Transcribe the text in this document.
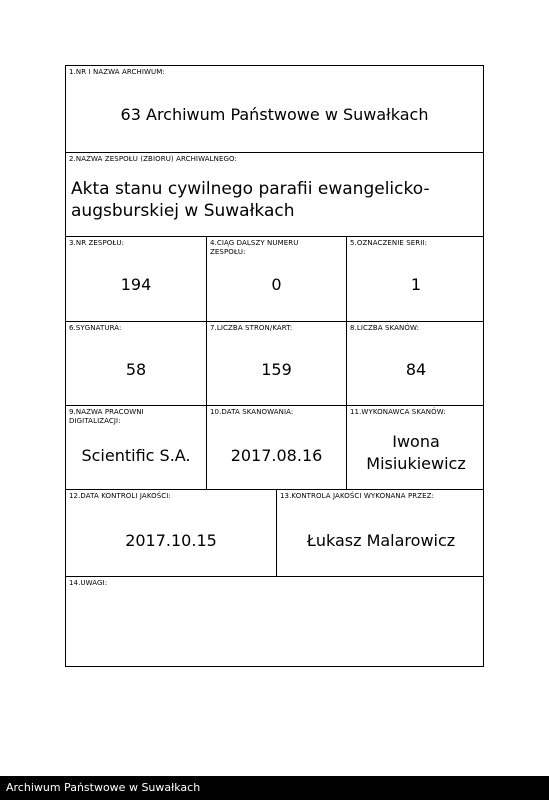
1.NR I NAZWA ARCHIWUM:
63 Archiwum Państwowe w Suwałkach
2.NAZWA ZESPOŁU (ZBIORU) ARCHIWALNEGO:
Akta stanu cywilnego parafii ewangelicko-
augsburskiej w Suwałkach
3.NR ZESPOŁU:
194
4.CIĄG DALSZY NUMERU
ZESPOŁU:
0
5.OZNACZENIE SERII:
1
6.SYGNATURA:
58
7.LICZBA STRON/KART:
159
8.LICZBA SKANÓW:
84
9.NAZWA PRACOWNI
DIGITALIZACJI:
Scientific S.A.
10.DATA SKANOWANIA:
2017.08.16
11.WYKONAWCA SKANÓW:
Iwona
Misiukiewicz
12.DATA KONTROLI JAKOŚCI:
2017.10.15
13.KONTROLA JAKOŚCI WYKONANA PRZEZ:
Łukasz Malarowicz
14.UWAGI:
Archiwum Państwowe w Suwałkach
